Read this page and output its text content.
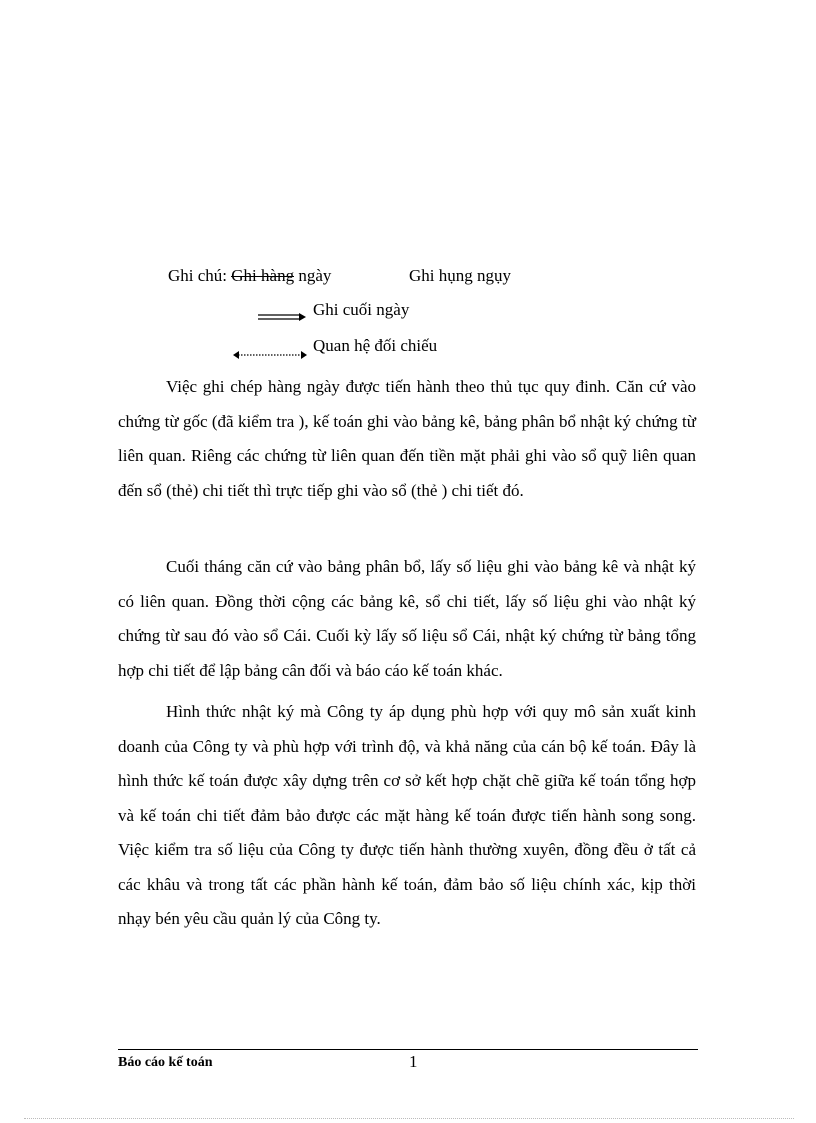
Ghi chú: Ghi hàng ngày	Ghi hụng ngụy
Ghi cuối ngày
Quan hệ đối chiếu

Việc ghi chép hàng ngày được tiến hành theo thủ tục quy đinh. Căn cứ vào chứng từ gốc (đã kiểm tra ), kế toán ghi vào bảng kê, bảng phân bổ nhật ký chứng từ liên quan. Riêng các chứng từ liên quan đến tiền mặt phải ghi vào sổ quỹ liên quan đến sổ (thẻ) chi tiết thì trực tiếp ghi vào sổ (thẻ ) chi tiết đó.

Cuối tháng căn cứ vào bảng phân bổ, lấy số liệu ghi vào bảng kê và nhật ký có liên quan. Đồng thời cộng các bảng kê, sổ chi tiết, lấy số liệu ghi vào nhật ký chứng từ sau đó vào sổ Cái. Cuối kỳ lấy số liệu sổ Cái, nhật ký chứng từ bảng tổng hợp chi tiết để lập bảng cân đối và báo cáo kế toán khác.

Hình thức nhật ký mà Công ty áp dụng phù hợp với quy mô sản xuất kinh doanh của Công ty và phù hợp với trình độ, và khả năng của cán bộ kế toán. Đây là hình thức kế toán được xây dựng trên cơ sở kết hợp chặt chẽ giữa kế toán tổng hợp và kế toán chi tiết đảm bảo được các mặt hàng kế toán được tiến hành song song. Việc kiểm tra số liệu của Công ty được tiến hành thường xuyên, đồng đều ở tất cả các khâu và trong tất các phần hành kế toán, đảm bảo số liệu chính xác, kịp thời nhạy bén yêu cầu quản lý của Công ty.

Báo cáo kế toán	1
